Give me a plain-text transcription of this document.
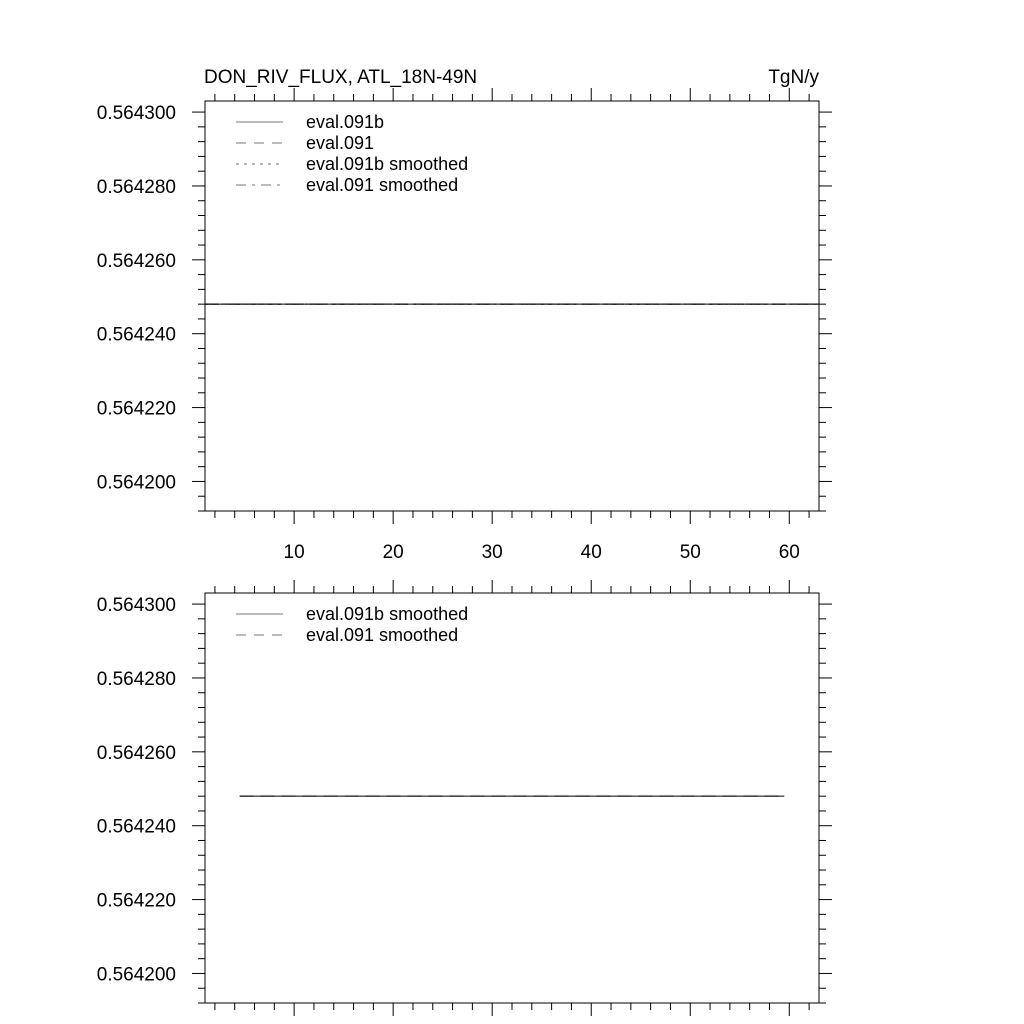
DON_RIV_FLUX, ATL_18N-49N	TgN/y
0.564300
0.564280
0.564260
0.564240
0.564220
0.564200
10	20	30	40	50	60
eval.091b
eval.091
eval.091b smoothed
eval.091 smoothed
0.564300
0.564280
0.564260
0.564240
0.564220
0.564200
eval.091b smoothed
eval.091 smoothed
